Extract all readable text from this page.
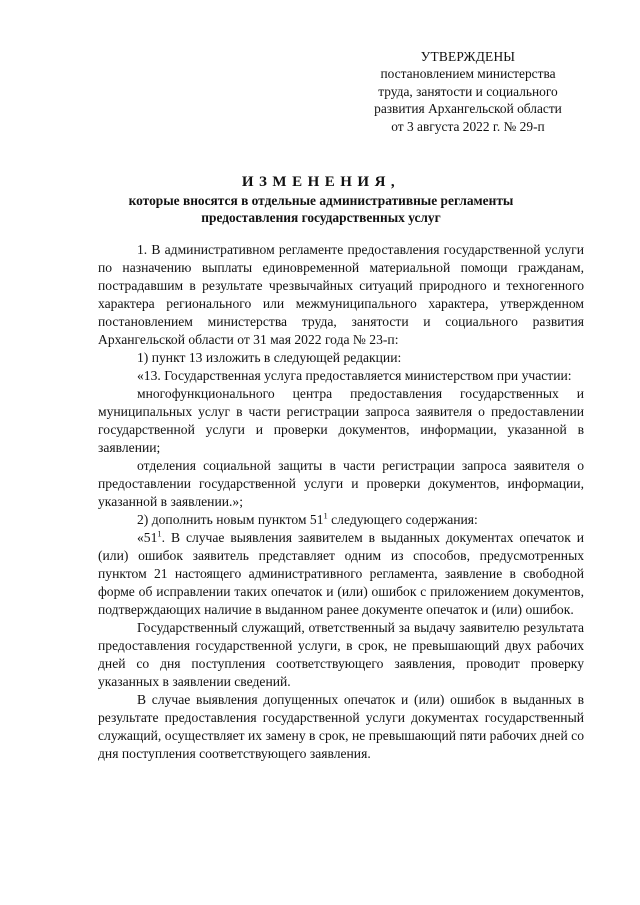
УТВЕРЖДЕНЫ
постановлением министерства
труда, занятости и социального
развития Архангельской области
от 3 августа 2022 г. № 29-п
ИЗМЕНЕНИЯ,
которые вносятся в отдельные административные регламенты
предоставления государственных услуг

1. В административном регламенте предоставления государственной услуги по назначению выплаты единовременной материальной помощи гражданам, пострадавшим в результате чрезвычайных ситуаций природного и техногенного характера регионального или межмуниципального характера, утвержденном постановлением министерства труда, занятости и социального развития Архангельской области от 31 мая 2022 года № 23-п:

1) пункт 13 изложить в следующей редакции:

«13. Государственная услуга предоставляется министерством при участии:

многофункционального центра предоставления государственных и муниципальных услуг в части регистрации запроса заявителя о предоставлении государственной услуги и проверки документов, информации, указанной в заявлении;

отделения социальной защиты в части регистрации запроса заявителя о предоставлении государственной услуги и проверки документов, информации, указанной в заявлении.»;

2) дополнить новым пунктом $51^1$ следующего содержания:

«$51^1$. В случае выявления заявителем в выданных документах опечаток и (или) ошибок заявитель представляет одним из способов, предусмотренных пунктом 21 настоящего административного регламента, заявление в свободной форме об исправлении таких опечаток и (или) ошибок с приложением документов, подтверждающих наличие в выданном ранее документе опечаток и (или) ошибок.

Государственный служащий, ответственный за выдачу заявителю результата предоставления государственной услуги, в срок, не превышающий двух рабочих дней со дня поступления соответствующего заявления, проводит проверку указанных в заявлении сведений.

В случае выявления допущенных опечаток и (или) ошибок в выданных в результате предоставления государственной услуги документах государственный служащий, осуществляет их замену в срок, не превышающий пяти рабочих дней со дня поступления соответствующего заявления.
